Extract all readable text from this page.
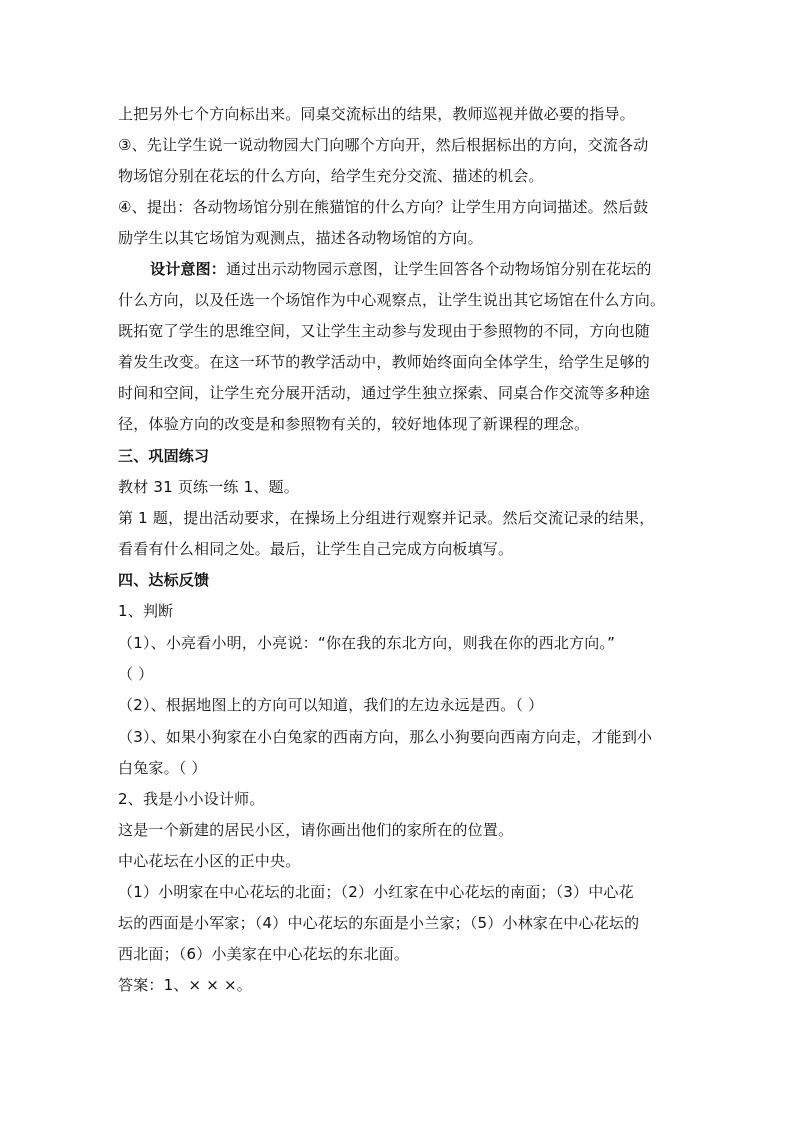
上把另外七个方向标出来。同桌交流标出的结果，教师巡视并做必要的指导。
③、先让学生说一说动物园大门向哪个方向开，然后根据标出的方向，交流各动
物场馆分别在花坛的什么方向，给学生充分交流、描述的机会。
④、提出：各动物场馆分别在熊猫馆的什么方向？让学生用方向词描述。然后鼓
励学生以其它场馆为观测点，描述各动物场馆的方向。
设计意图：通过出示动物园示意图，让学生回答各个动物场馆分别在花坛的
什么方向，以及任选一个场馆作为中心观察点，让学生说出其它场馆在什么方向。
既拓宽了学生的思维空间，又让学生主动参与发现由于参照物的不同，方向也随
着发生改变。在这一环节的教学活动中，教师始终面向全体学生，给学生足够的
时间和空间，让学生充分展开活动，通过学生独立探索、同桌合作交流等多种途
径，体验方向的改变是和参照物有关的，较好地体现了新课程的理念。
三、巩固练习
教材 31 页练一练 1、题。
第 1 题，提出活动要求，在操场上分组进行观察并记录。然后交流记录的结果，
看看有什么相同之处。最后，让学生自己完成方向板填写。
四、达标反馈
1、判断
（1）、小亮看小明，小亮说：“你在我的东北方向，则我在你的西北方向。”
（ ）
（2）、根据地图上的方向可以知道，我们的左边永远是西。（ ）
（3）、如果小狗家在小白兔家的西南方向，那么小狗要向西南方向走，才能到小
白兔家。（ ）
2、我是小小设计师。
这是一个新建的居民小区，请你画出他们的家所在的位置。
中心花坛在小区的正中央。
（1）小明家在中心花坛的北面；（2）小红家在中心花坛的南面；（3）中心花
坛的西面是小军家；（4）中心花坛的东面是小兰家；（5）小林家在中心花坛的
西北面；（6）小美家在中心花坛的东北面。
答案：1、× × ×。
